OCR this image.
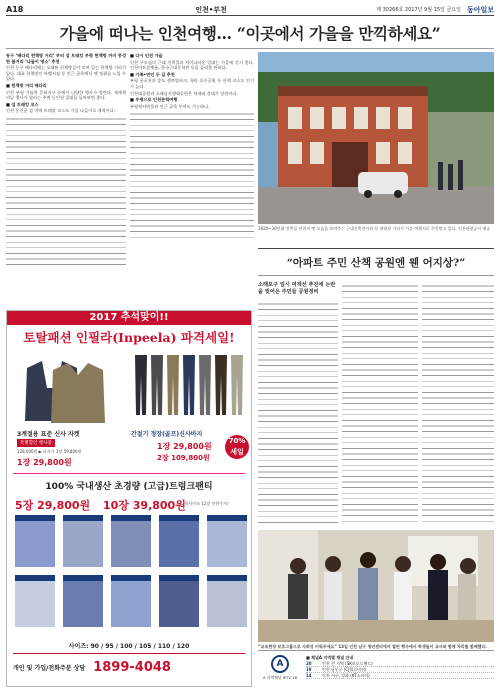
A18	인천•부천	제 30266호 2017년 9월 15일 금요일 동아일보
가을에 떠나는 인천여행… “이곳에서 가을을 만끽하세요”

동구 ‘배다리 헌책방 거리’ 부터 섬 트래킹 부평 헌책방 까지 풍성한 볼거리 ‘나들이 명소’ 추천

인천 동구 배다리에는 오래된 헌책방들이 모여 있는 헌책방 거리가 있다. 대표 헌책방인 아벨서점 등 인근 골목에서 옛 정취를 느낄 수 있다.

■ 헌책방 거리 배다리

인천 부평 가톨릭 문화지구 등에서 다양한 행사가 열린다. 세계책의날 행사가 열리는 주변 동인천 일대를 돌아보면 좋다.

■ 섬 트래킹 코스

인천 옹진군 섬 지역 트래킹 코스도 가을 나들이로 제격이다.

■ 다시 인천 가을

인천 구도심의 근대 건축물과 차이나타운 일대는 가을에 걷기 좋다. 인천아트플랫폼, 한국근대문학관 등을 둘러볼 만하다.

■ 가족•연인 두 길 추천

부평 굴포천과 송도 센트럴파크, 청라 호수공원 등 산책 코스도 인기가 높다.

인천대공원과 소래습지생태공원은 억새와 갈대가 장관이다.

■ 부평으로 인천문학여행

부평역사박물관 인근 골목 투어도 가능하다.

1920~30년대 건축물 인천의 옛 모습을 보여주는 근대건축전시관 등 개항장 거리가 가을 여행지로 주목받고 있다. 인천관광공사 제공
“아파트 주민 산책 공원엔 웬 어지상?”
소래포구 일시 여객선 추진에 논란을 빚어온 주민들 공원정비
2017 추석맞이!!
토탈패션 인필라(Inpeela) 파격세일!
3계절용 표준 신사 자켓
특별할인 행사중
128,000원 ▶ 파격가 1장 59,800원
1장 29,800원
간절기 정장(골프)신사바지
1장 29,800원
2장 109,800원
70%
세일
100% 국내생산 초경량 (고급)트렁크팬티
5장 29,800원 10장 39,800원
(착사인즈 12장 인원주가)
사이즈: 90 / 95 / 100 / 105 / 110 / 120
개인 및 가입/전화주문 상담 1899-4048
“교육현장 보호그룹으로 사회성 키워주세요” 13일 인천 남구 청년센터에서 열린 행사에서 학생들이 교사와 함께 자리를 함께했다.
A
A 지역채널 IPTV 18
■ 채널A 지역별 채널 안내
20	인천 전 지역 (SK브로드밴드)
19	인천 남동구 (CJ헬로비전)
14	인천 서구, 강화 (KT스카이)
